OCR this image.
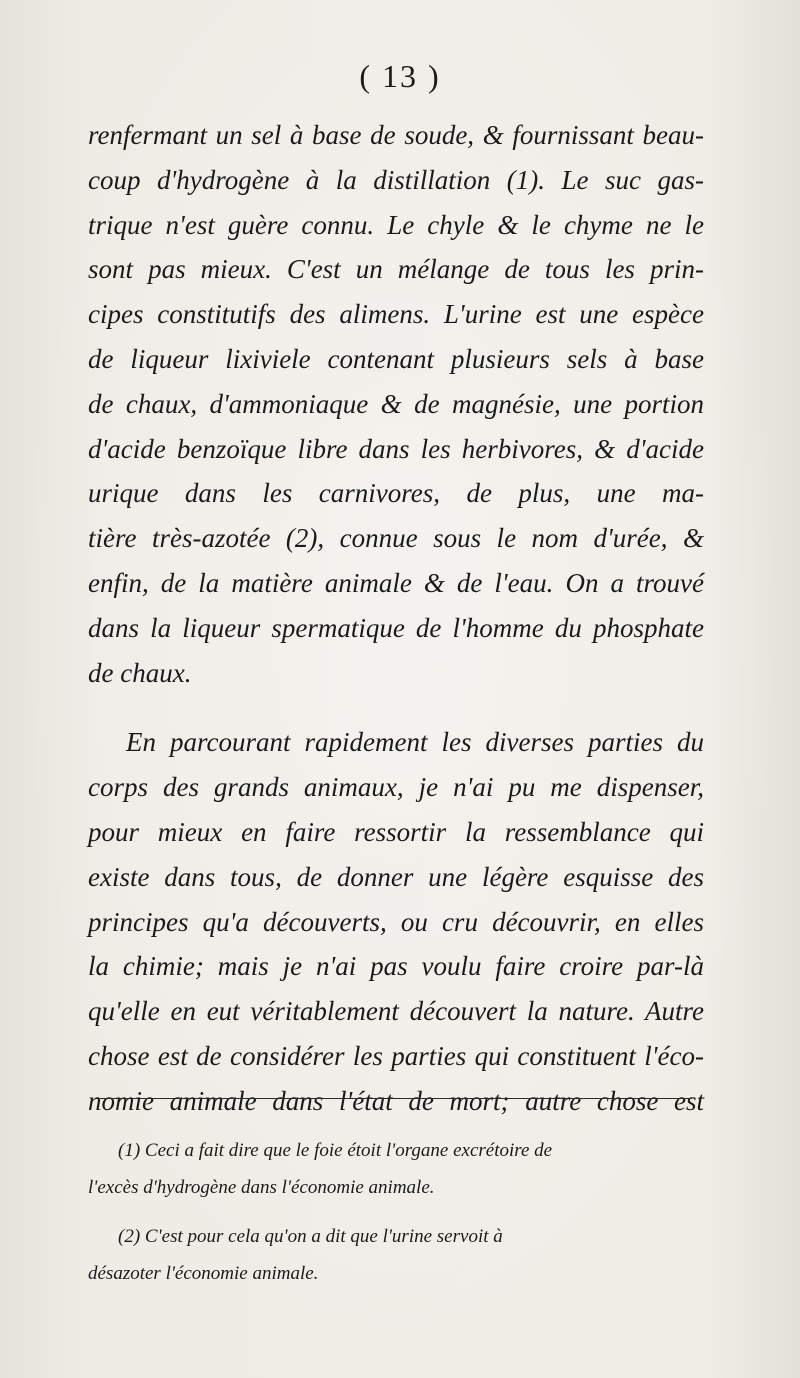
( 13 )
renfermant un sel à base de soude, & fournissant beau-
coup d'hydrogène à la distillation (1). Le suc gas-
trique n'est guère connu. Le chyle & le chyme ne le
sont pas mieux. C'est un mélange de tous les prin-
cipes constitutifs des alimens. L'urine est une espèce
de liqueur lixiviele contenant plusieurs sels à base
de chaux, d'ammoniaque & de magnésie, une portion
d'acide benzoïque libre dans les herbivores, & d'acide
urique dans les carnivores, de plus, une ma-
tière très-azotée (2), connue sous le nom d'urée, &
enfin, de la matière animale & de l'eau. On a trouvé
dans la liqueur spermatique de l'homme du phosphate
de chaux.
En parcourant rapidement les diverses parties du
corps des grands animaux, je n'ai pu me dispenser,
pour mieux en faire ressortir la ressemblance qui
existe dans tous, de donner une légère esquisse des
principes qu'a découverts, ou cru découvrir, en elles
la chimie; mais je n'ai pas voulu faire croire par-là
qu'elle en eut véritablement découvert la nature. Autre
chose est de considérer les parties qui constituent l'éco-
nomie animale dans l'état de mort; autre chose est
(1) Ceci a fait dire que le foie étoit l'organe excrétoire de
l'excès d'hydrogène dans l'économie animale.
(2) C'est pour cela qu'on a dit que l'urine servoit à
désazoter l'économie animale.
